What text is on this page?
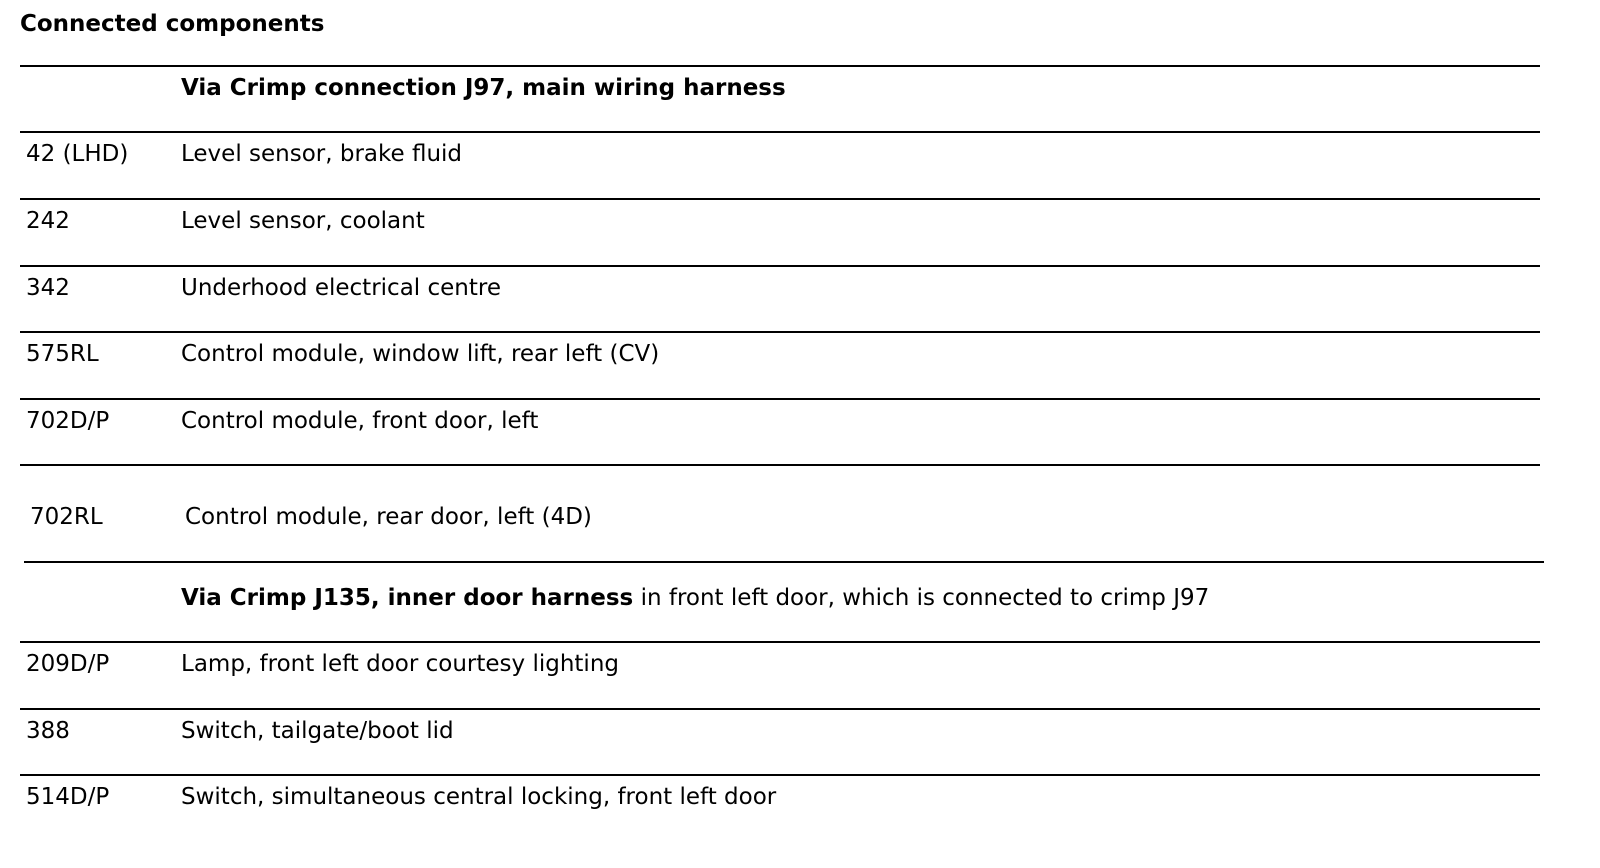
Connected components
Via Crimp connection J97, main wiring harness
42 (LHD) Level sensor, brake fluid
242	Level sensor, coolant
342	Underhood electrical centre
575RL	Control module, window lift, rear left (CV)
702D/P	Control module, front door, left
702RL	Control module, rear door, left (4D)
Via Crimp J135, inner door harness in front left door, which is connected to crimp J97
209D/P	Lamp, front left door courtesy lighting
388	Switch, tailgate/boot lid
514D/P	Switch, simultaneous central locking, front left door
